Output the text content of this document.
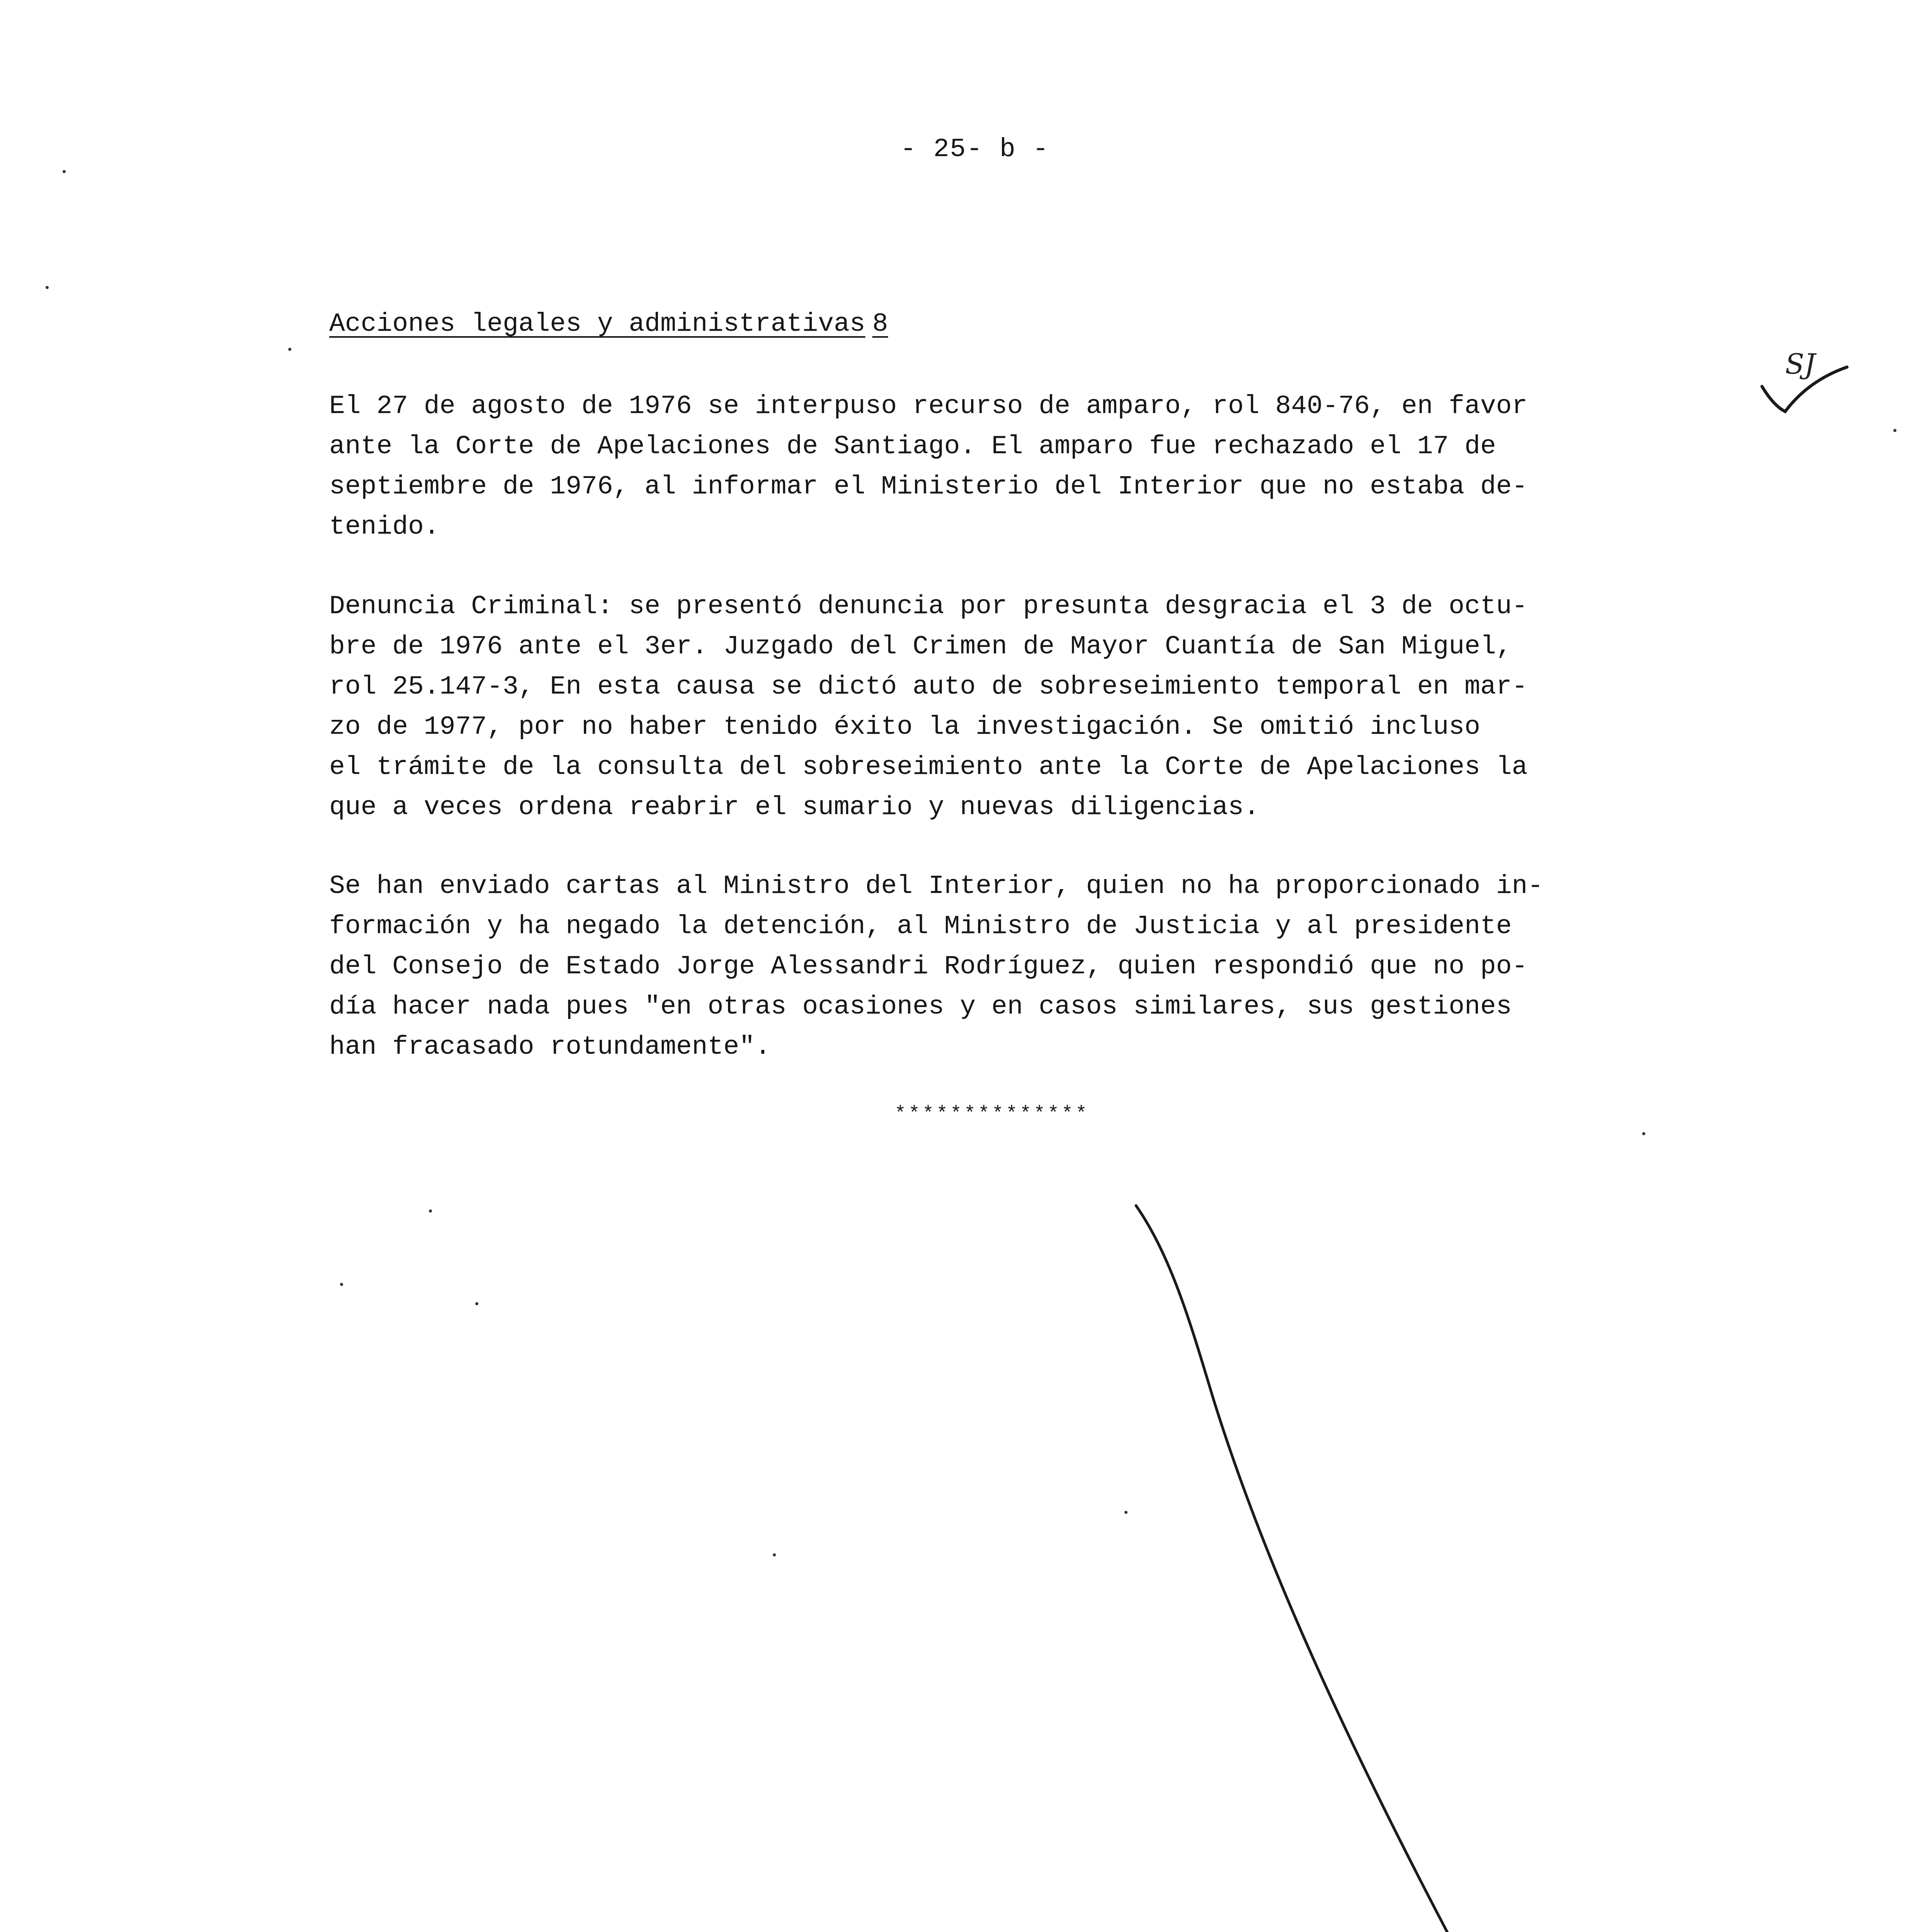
- 25- b -
Acciones legales y administrativas 8
El 27 de agosto de 1976 se interpuso recurso de amparo, rol 840-76, en favor
ante la Corte de Apelaciones de Santiago. El amparo fue rechazado el 17 de
septiembre de 1976, al informar el Ministerio del Interior que no estaba de-
tenido.
Denuncia Criminal: se presentó denuncia por presunta desgracia el 3 de octu-
bre de 1976 ante el 3er. Juzgado del Crimen de Mayor Cuantía de San Miguel,
rol 25.147-3, En esta causa se dictó auto de sobreseimiento temporal en mar-
zo de 1977, por no haber tenido éxito la investigación. Se omitió incluso
el trámite de la consulta del sobreseimiento ante la Corte de Apelaciones la
que a veces ordena reabrir el sumario y nuevas diligencias.
Se han enviado cartas al Ministro del Interior, quien no ha proporcionado in-
formación y ha negado la detención, al Ministro de Justicia y al presidente
del Consejo de Estado Jorge Alessandri Rodríguez, quien respondió que no po-
día hacer nada pues "en otras ocasiones y en casos similares, sus gestiones
han fracasado rotundamente".
**************
SJ
